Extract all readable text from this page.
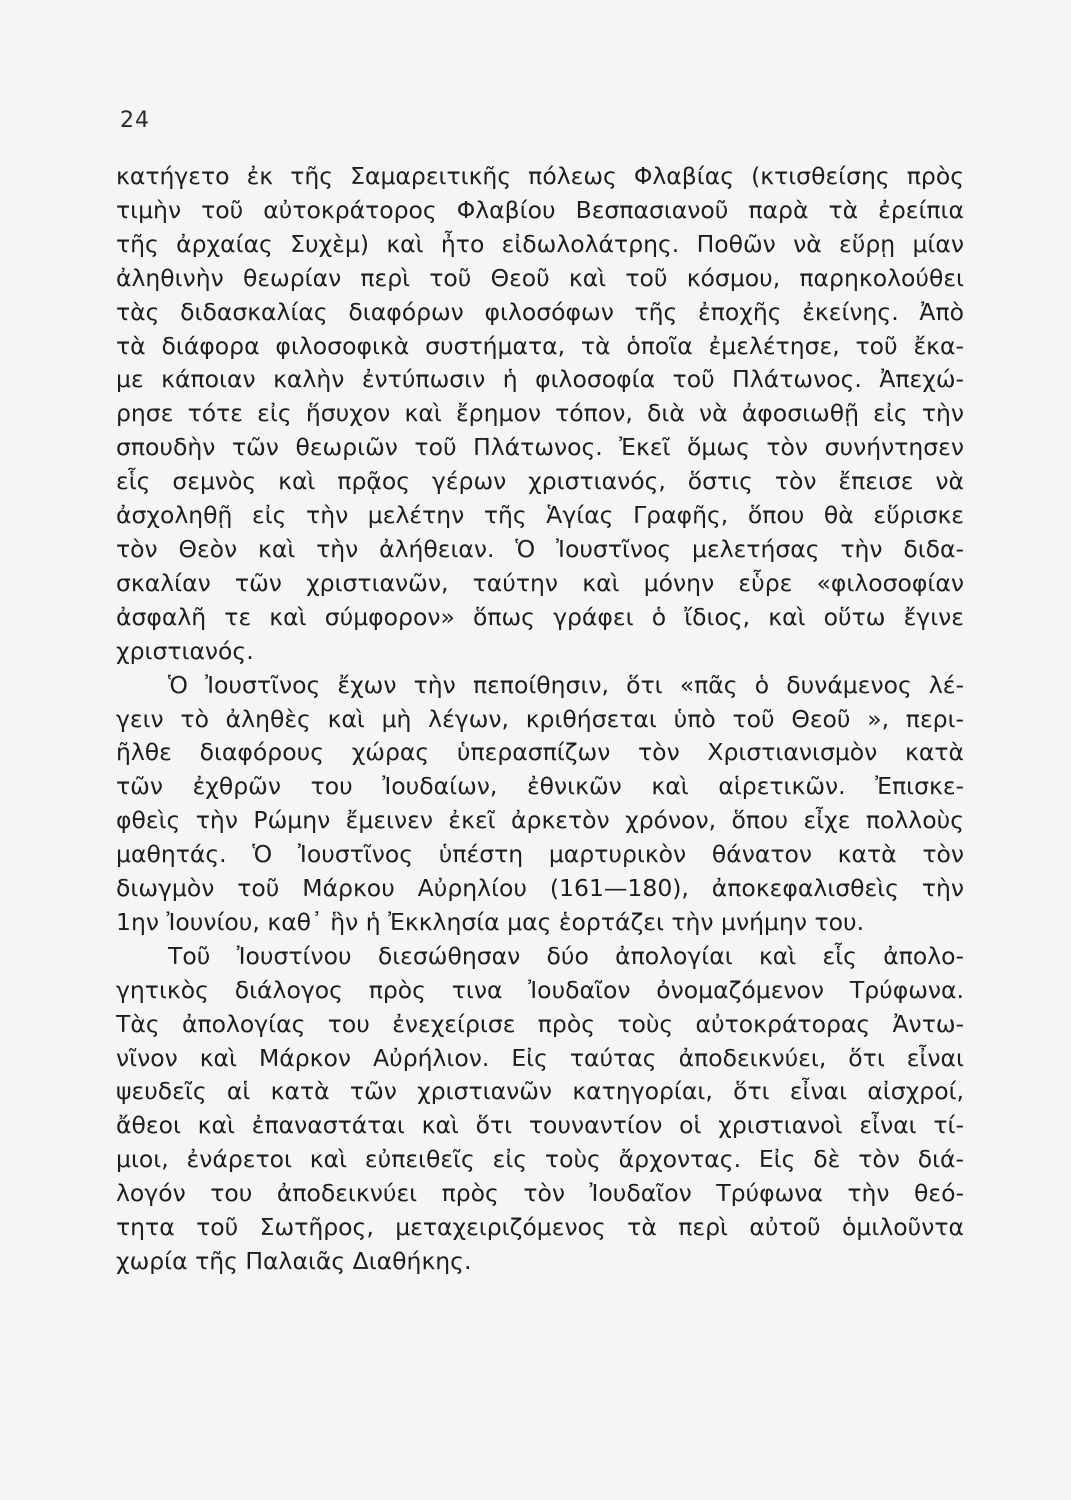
24
κατήγετο ἐκ τῆς Σαμαρειτικῆς πόλεως Φλαβίας (κτισθείσης πρὸς
τιμὴν τοῦ αὐτοκράτορος Φλαβίου Βεσπασιανοῦ παρὰ τὰ ἐρείπια
τῆς ἀρχαίας Συχὲμ) καὶ ἦτο εἰδωλολάτρης. Ποθῶν νὰ εὕρῃ μίαν
ἀληθινὴν θεωρίαν περὶ τοῦ Θεοῦ καὶ τοῦ κόσμου, παρηκολούθει
τὰς διδασκαλίας διαφόρων φιλοσόφων τῆς ἐποχῆς ἐκείνης. Ἀπὸ
τὰ διάφορα φιλοσοφικὰ συστήματα, τὰ ὁποῖα ἐμελέτησε, τοῦ ἔκα-
με κάποιαν καλὴν ἐντύπωσιν ἡ φιλοσοφία τοῦ Πλάτωνος. Ἀπεχώ-
ρησε τότε εἰς ἥσυχον καὶ ἔρημον τόπον, διὰ νὰ ἀφοσιωθῇ εἰς τὴν
σπουδὴν τῶν θεωριῶν τοῦ Πλάτωνος. Ἐκεῖ ὅμως τὸν συνήντησεν
εἷς σεμνὸς καὶ πρᾷος γέρων χριστιανός, ὅστις τὸν ἔπεισε νὰ
ἀσχοληθῇ εἰς τὴν μελέτην τῆς Ἁγίας Γραφῆς, ὅπου θὰ εὕρισκε
τὸν Θεὸν καὶ τὴν ἀλήθειαν. Ὁ Ἰουστῖνος μελετήσας τὴν διδα-
σκαλίαν τῶν χριστιανῶν, ταύτην καὶ μόνην εὗρε «φιλοσοφίαν
ἀσφαλῆ τε καὶ σύμφορον» ὅπως γράφει ὁ ἴδιος, καὶ οὕτω ἔγινε
χριστιανός.
Ὁ Ἰουστῖνος ἔχων τὴν πεποίθησιν, ὅτι «πᾶς ὁ δυνάμενος λέ-
γειν τὸ ἀληθὲς καὶ μὴ λέγων, κριθήσεται ὑπὸ τοῦ Θεοῦ », περι-
ῆλθε διαφόρους χώρας ὑπερασπίζων τὸν Χριστιανισμὸν κατὰ
τῶν ἐχθρῶν του Ἰουδαίων, ἐθνικῶν καὶ αἱρετικῶν. Ἐπισκε-
φθεὶς τὴν Ρώμην ἔμεινεν ἐκεῖ ἀρκετὸν χρόνον, ὅπου εἶχε πολλοὺς
μαθητάς. Ὁ Ἰουστῖνος ὑπέστη μαρτυρικὸν θάνατον κατὰ τὸν
διωγμὸν τοῦ Μάρκου Αὐρηλίου (161—180), ἀποκεφαλισθεὶς τὴν
1ην Ἰουνίου, καθ᾽ ἣν ἡ Ἐκκλησία μας ἑορτάζει τὴν μνήμην του.
Τοῦ Ἰουστίνου διεσώθησαν δύο ἀπολογίαι καὶ εἷς ἀπολο-
γητικὸς διάλογος πρὸς τινα Ἰουδαῖον ὀνομαζόμενον Τρύφωνα.
Τὰς ἀπολογίας του ἐνεχείρισε πρὸς τοὺς αὐτοκράτορας Ἀντω-
νῖνον καὶ Μάρκον Αὐρήλιον. Εἰς ταύτας ἀποδεικνύει, ὅτι εἶναι
ψευδεῖς αἱ κατὰ τῶν χριστιανῶν κατηγορίαι, ὅτι εἶναι αἰσχροί,
ἄθεοι καὶ ἐπαναστάται καὶ ὅτι τουναντίον οἱ χριστιανοὶ εἶναι τί-
μιοι, ἐνάρετοι καὶ εὐπειθεῖς εἰς τοὺς ἄρχοντας. Εἰς δὲ τὸν διά-
λογόν του ἀποδεικνύει πρὸς τὸν Ἰουδαῖον Τρύφωνα τὴν θεό-
τητα τοῦ Σωτῆρος, μεταχειριζόμενος τὰ περὶ αὐτοῦ ὁμιλοῦντα
χωρία τῆς Παλαιᾶς Διαθήκης.
